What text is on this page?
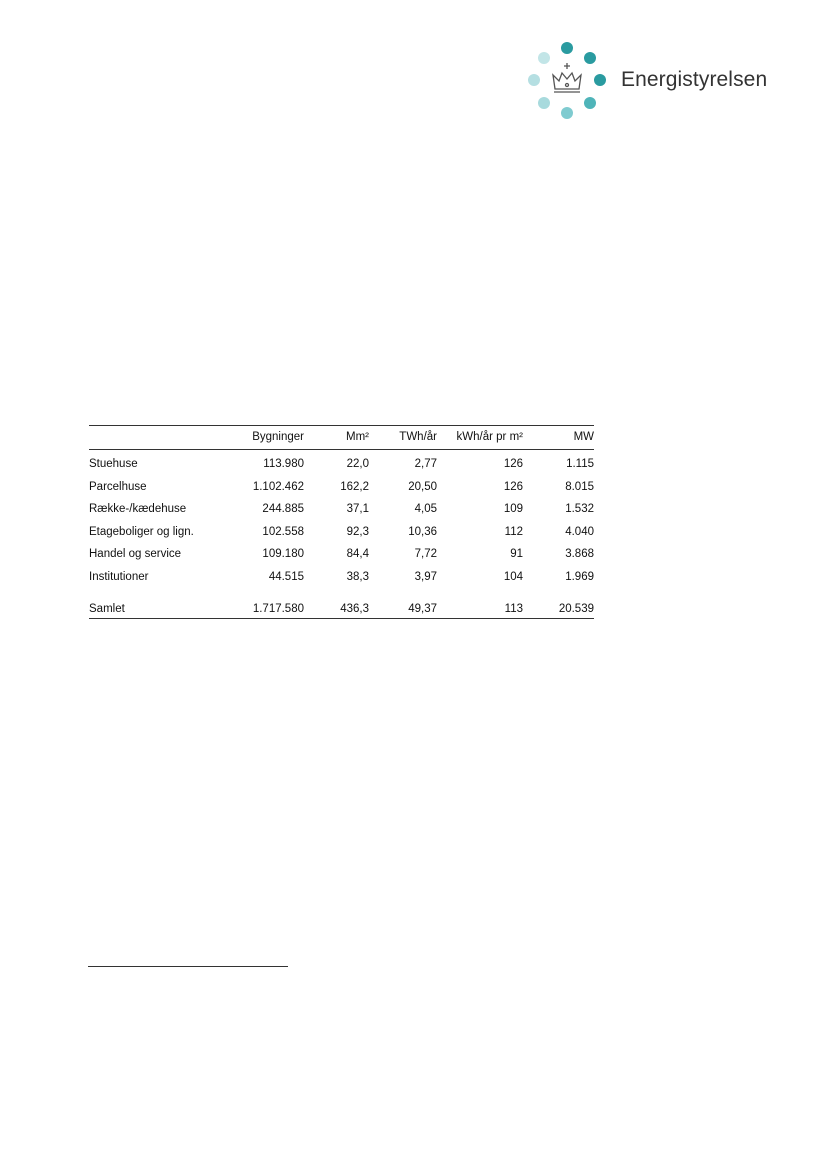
Energistyrelsen
	Bygninger	Mm²	TWh/år	kWh/år pr m²	MW
Stuehuse	113.980	22,0	2,77	126	1.115
Parcelhuse	1.102.462	162,2	20,50	126	8.015
Række-/kædehuse	244.885	37,1	4,05	109	1.532
Etageboliger og lign.	102.558	92,3	10,36	112	4.040
Handel og service	109.180	84,4	7,72	91	3.868
Institutioner	44.515	38,3	3,97	104	1.969
Samlet	1.717.580	436,3	49,37	113	20.539
